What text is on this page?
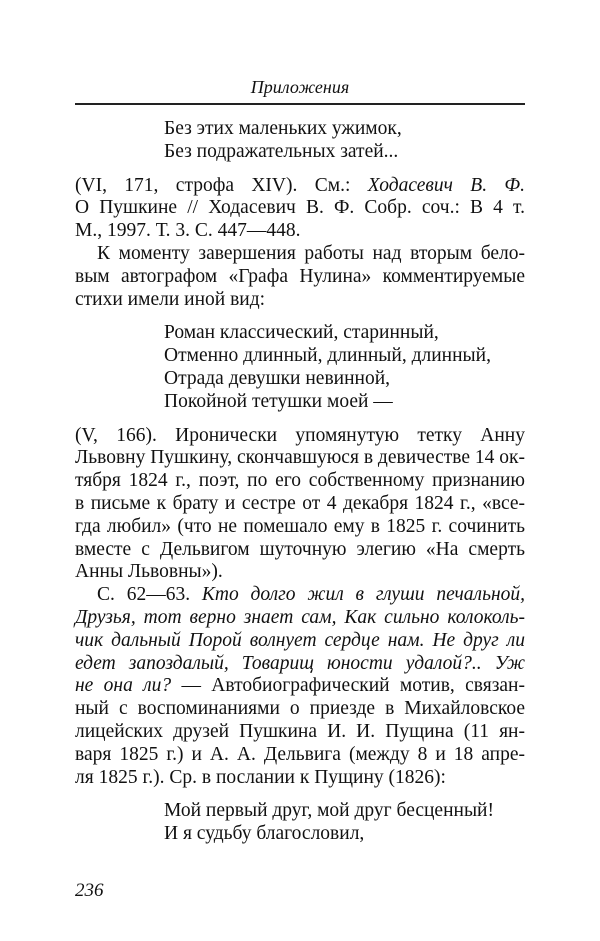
Приложения
Без этих маленьких ужимок,
Без подражательных затей...
(VI, 171, строфа XIV). См.: Ходасевич В. Ф.
О Пушкине // Ходасевич В. Ф. Собр. соч.: В 4 т.
М., 1997. Т. 3. С. 447—448.
К моменту завершения работы над вторым бело-
вым автографом «Графа Нулина» комментируемые
стихи имели иной вид:
Роман классический, старинный,
Отменно длинный, длинный, длинный,
Отрада девушки невинной,
Покойной тетушки моей —
(V, 166). Иронически упомянутую тетку Анну
Львовну Пушкину, скончавшуюся в девичестве 14 ок-
тября 1824 г., поэт, по его собственному признанию
в письме к брату и сестре от 4 декабря 1824 г., «все-
гда любил» (что не помешало ему в 1825 г. сочинить
вместе с Дельвигом шуточную элегию «На смерть
Анны Львовны»).
С. 62—63. Кто долго жил в глуши печальной,
Друзья, тот верно знает сам, Как сильно колоколь-
чик дальный Порой волнует сердце нам. Не друг ли
едет запоздалый, Товарищ юности удалой?.. Уж
не она ли? — Автобиографический мотив, связан-
ный с воспоминаниями о приезде в Михайловское
лицейских друзей Пушкина И. И. Пущина (11 ян-
варя 1825 г.) и А. А. Дельвига (между 8 и 18 апре-
ля 1825 г.). Ср. в послании к Пущину (1826):
Мой первый друг, мой друг бесценный!
И я судьбу благословил,
236
